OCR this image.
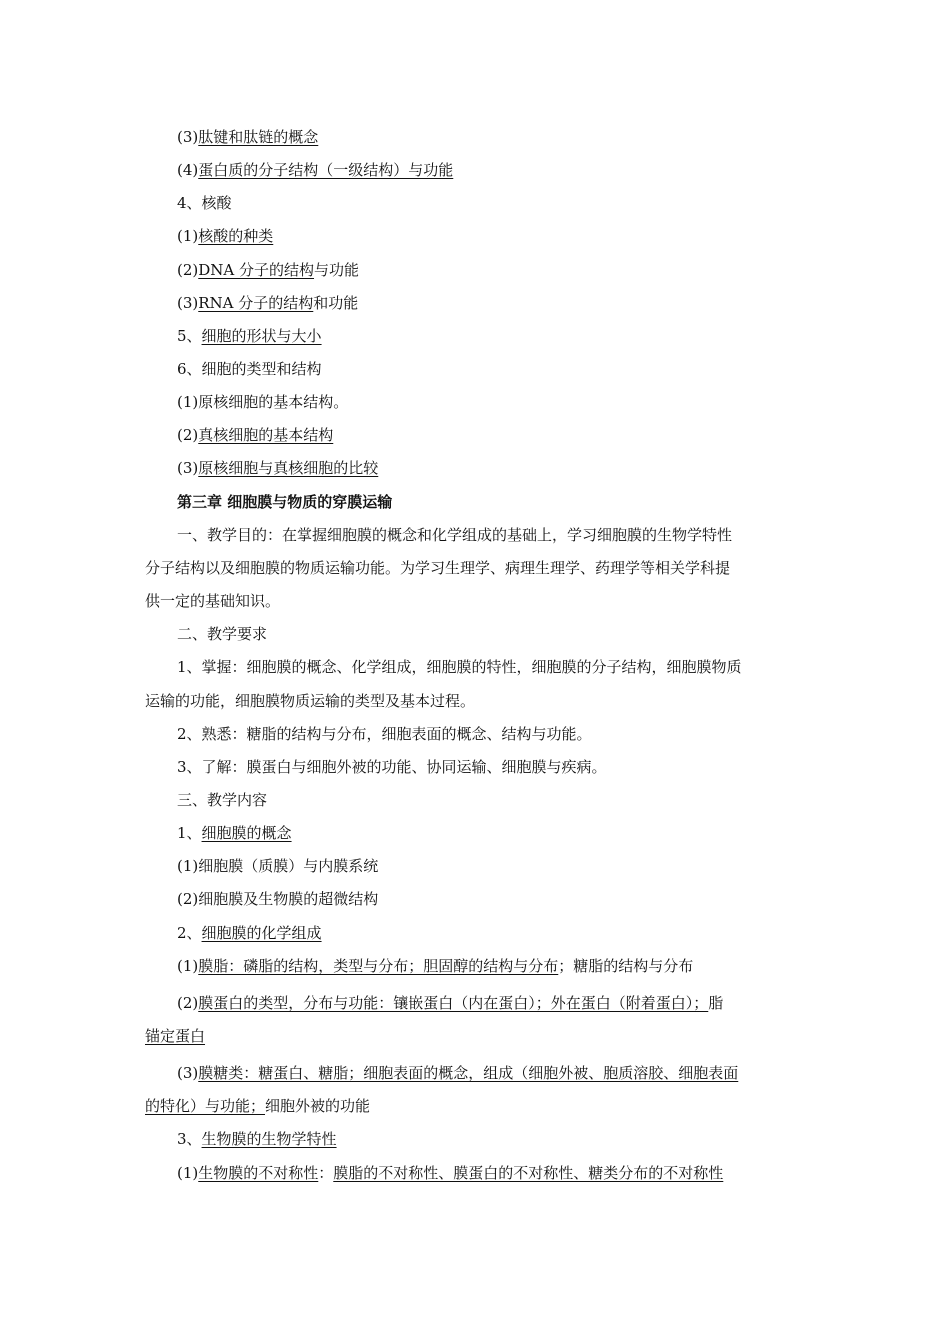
(3)肽键和肽链的概念
(4)蛋白质的分子结构（一级结构）与功能
4、核酸
(1)核酸的种类
(2)DNA 分子的结构与功能
(3)RNA 分子的结构和功能
5、细胞的形状与大小
6、细胞的类型和结构
(1)原核细胞的基本结构。
(2)真核细胞的基本结构
(3)原核细胞与真核细胞的比较
第三章 细胞膜与物质的穿膜运输
一、教学目的：在掌握细胞膜的概念和化学组成的基础上，学习细胞膜的生物学特性
分子结构以及细胞膜的物质运输功能。为学习生理学、病理生理学、药理学等相关学科提
供一定的基础知识。
二、教学要求
1、掌握：细胞膜的概念、化学组成，细胞膜的特性，细胞膜的分子结构，细胞膜物质
运输的功能，细胞膜物质运输的类型及基本过程。
2、熟悉：糖脂的结构与分布，细胞表面的概念、结构与功能。
3、了解：膜蛋白与细胞外被的功能、协同运输、细胞膜与疾病。
三、教学内容
1、细胞膜的概念
(1)细胞膜（质膜）与内膜系统
(2)细胞膜及生物膜的超微结构
2、细胞膜的化学组成
(1)膜脂：磷脂的结构，类型与分布；胆固醇的结构与分布；糖脂的结构与分布
(2)膜蛋白的类型，分布与功能：镶嵌蛋白（内在蛋白）；外在蛋白（附着蛋白）；脂
锚定蛋白
(3)膜糖类：糖蛋白、糖脂；细胞表面的概念，组成（细胞外被、胞质溶胶、细胞表面
的特化）与功能；细胞外被的功能
3、生物膜的生物学特性
(1)生物膜的不对称性：膜脂的不对称性、膜蛋白的不对称性、糖类分布的不对称性
